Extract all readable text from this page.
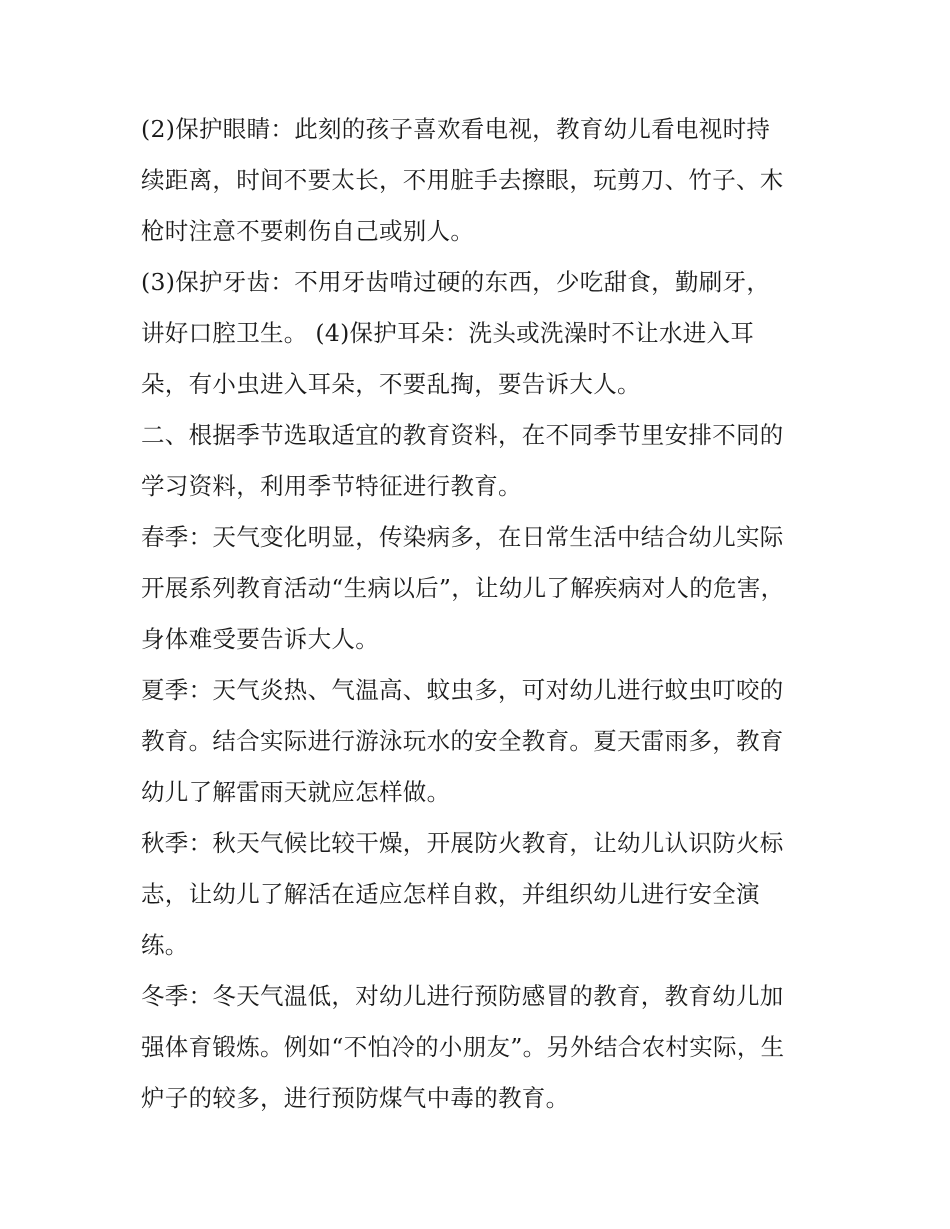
(2)保护眼睛：此刻的孩子喜欢看电视，教育幼儿看电视时持
续距离，时间不要太长，不用脏手去擦眼，玩剪刀、竹子、木
枪时注意不要刺伤自己或别人。
(3)保护牙齿：不用牙齿啃过硬的东西，少吃甜食，勤刷牙，
讲好口腔卫生。 (4)保护耳朵：洗头或洗澡时不让水进入耳
朵，有小虫进入耳朵，不要乱掏，要告诉大人。
二、根据季节选取适宜的教育资料，在不同季节里安排不同的
学习资料，利用季节特征进行教育。
春季：天气变化明显，传染病多，在日常生活中结合幼儿实际
开展系列教育活动“生病以后”，让幼儿了解疾病对人的危害，
身体难受要告诉大人。
夏季：天气炎热、气温高、蚊虫多，可对幼儿进行蚊虫叮咬的
教育。结合实际进行游泳玩水的安全教育。夏天雷雨多，教育
幼儿了解雷雨天就应怎样做。
秋季：秋天气候比较干燥，开展防火教育，让幼儿认识防火标
志，让幼儿了解活在适应怎样自救，并组织幼儿进行安全演
练。
冬季：冬天气温低，对幼儿进行预防感冒的教育，教育幼儿加
强体育锻炼。例如“不怕冷的小朋友”。另外结合农村实际，生
炉子的较多，进行预防煤气中毒的教育。
